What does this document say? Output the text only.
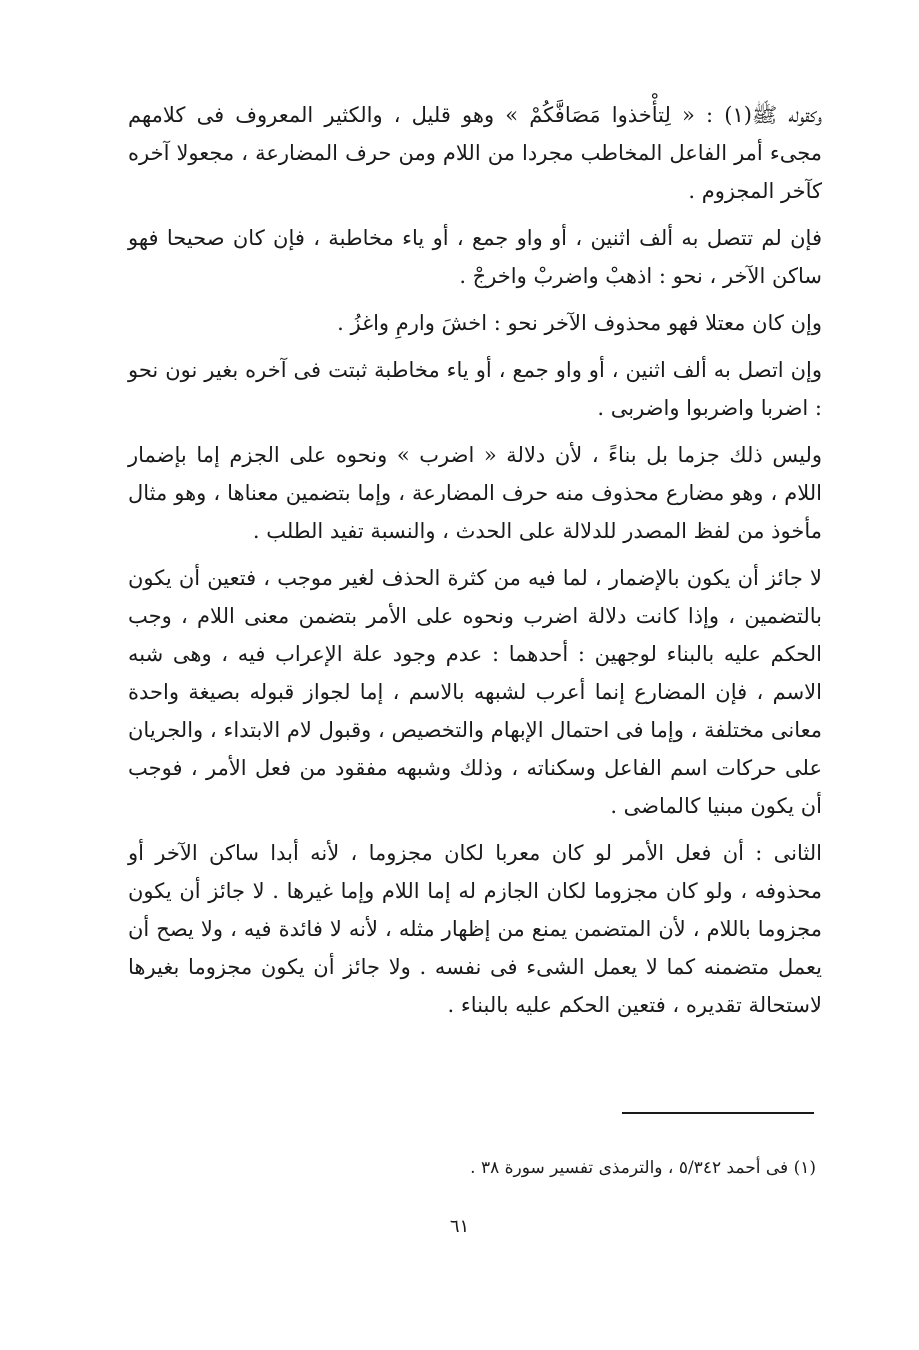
وكقوله ﷺ(١) : « لِتأْخذوا مَصَافَّكُمْ » وهو قليل ، والكثير المعروف فى كلامهم مجىء أمر الفاعل المخاطب مجردا من اللام ومن حرف المضارعة ، مجعولا آخره كآخر المجزوم .

فإن لم تتصل به ألف اثنين ، أو واو جمع ، أو ياء مخاطبة ، فإن كان صحيحا فهو ساكن الآخر ، نحو : اذهبْ واضربْ واخرجْ .

وإن كان معتلا فهو محذوف الآخر نحو : اخشَ وارمِ واغزُ .

وإن اتصل به ألف اثنين ، أو واو جمع ، أو ياء مخاطبة ثبتت فى آخره بغير نون نحو : اضربا واضربوا واضربى .

وليس ذلك جزما بل بناءً ، لأن دلالة « اضرب » ونحوه على الجزم إما بإضمار اللام ، وهو مضارع محذوف منه حرف المضارعة ، وإما بتضمين معناها ، وهو مثال مأخوذ من لفظ المصدر للدلالة على الحدث ، والنسبة تفيد الطلب .

لا جائز أن يكون بالإضمار ، لما فيه من كثرة الحذف لغير موجب ، فتعين أن يكون بالتضمين ، وإذا كانت دلالة اضرب ونحوه على الأمر بتضمن معنى اللام ، وجب الحكم عليه بالبناء لوجهين : أحدهما : عدم وجود علة الإعراب فيه ، وهى شبه الاسم ، فإن المضارع إنما أعرب لشبهه بالاسم ، إما لجواز قبوله بصيغة واحدة معانى مختلفة ، وإما فى احتمال الإبهام والتخصيص ، وقبول لام الابتداء ، والجريان على حركات اسم الفاعل وسكناته ، وذلك وشبهه مفقود من فعل الأمر ، فوجب أن يكون مبنيا كالماضى .

الثانى : أن فعل الأمر لو كان معربا لكان مجزوما ، لأنه أبدا ساكن الآخر أو محذوفه ، ولو كان مجزوما لكان الجازم له إما اللام وإما غيرها . لا جائز أن يكون مجزوما باللام ، لأن المتضمن يمنع من إظهار مثله ، لأنه لا فائدة فيه ، ولا يصح أن يعمل متضمنه كما لا يعمل الشىء فى نفسه . ولا جائز أن يكون مجزوما بغيرها لاستحالة تقديره ، فتعين الحكم عليه بالبناء .

(١) فى أحمد ٥/٣٤٢ ، والترمذى تفسير سورة ٣٨ .

٦١
